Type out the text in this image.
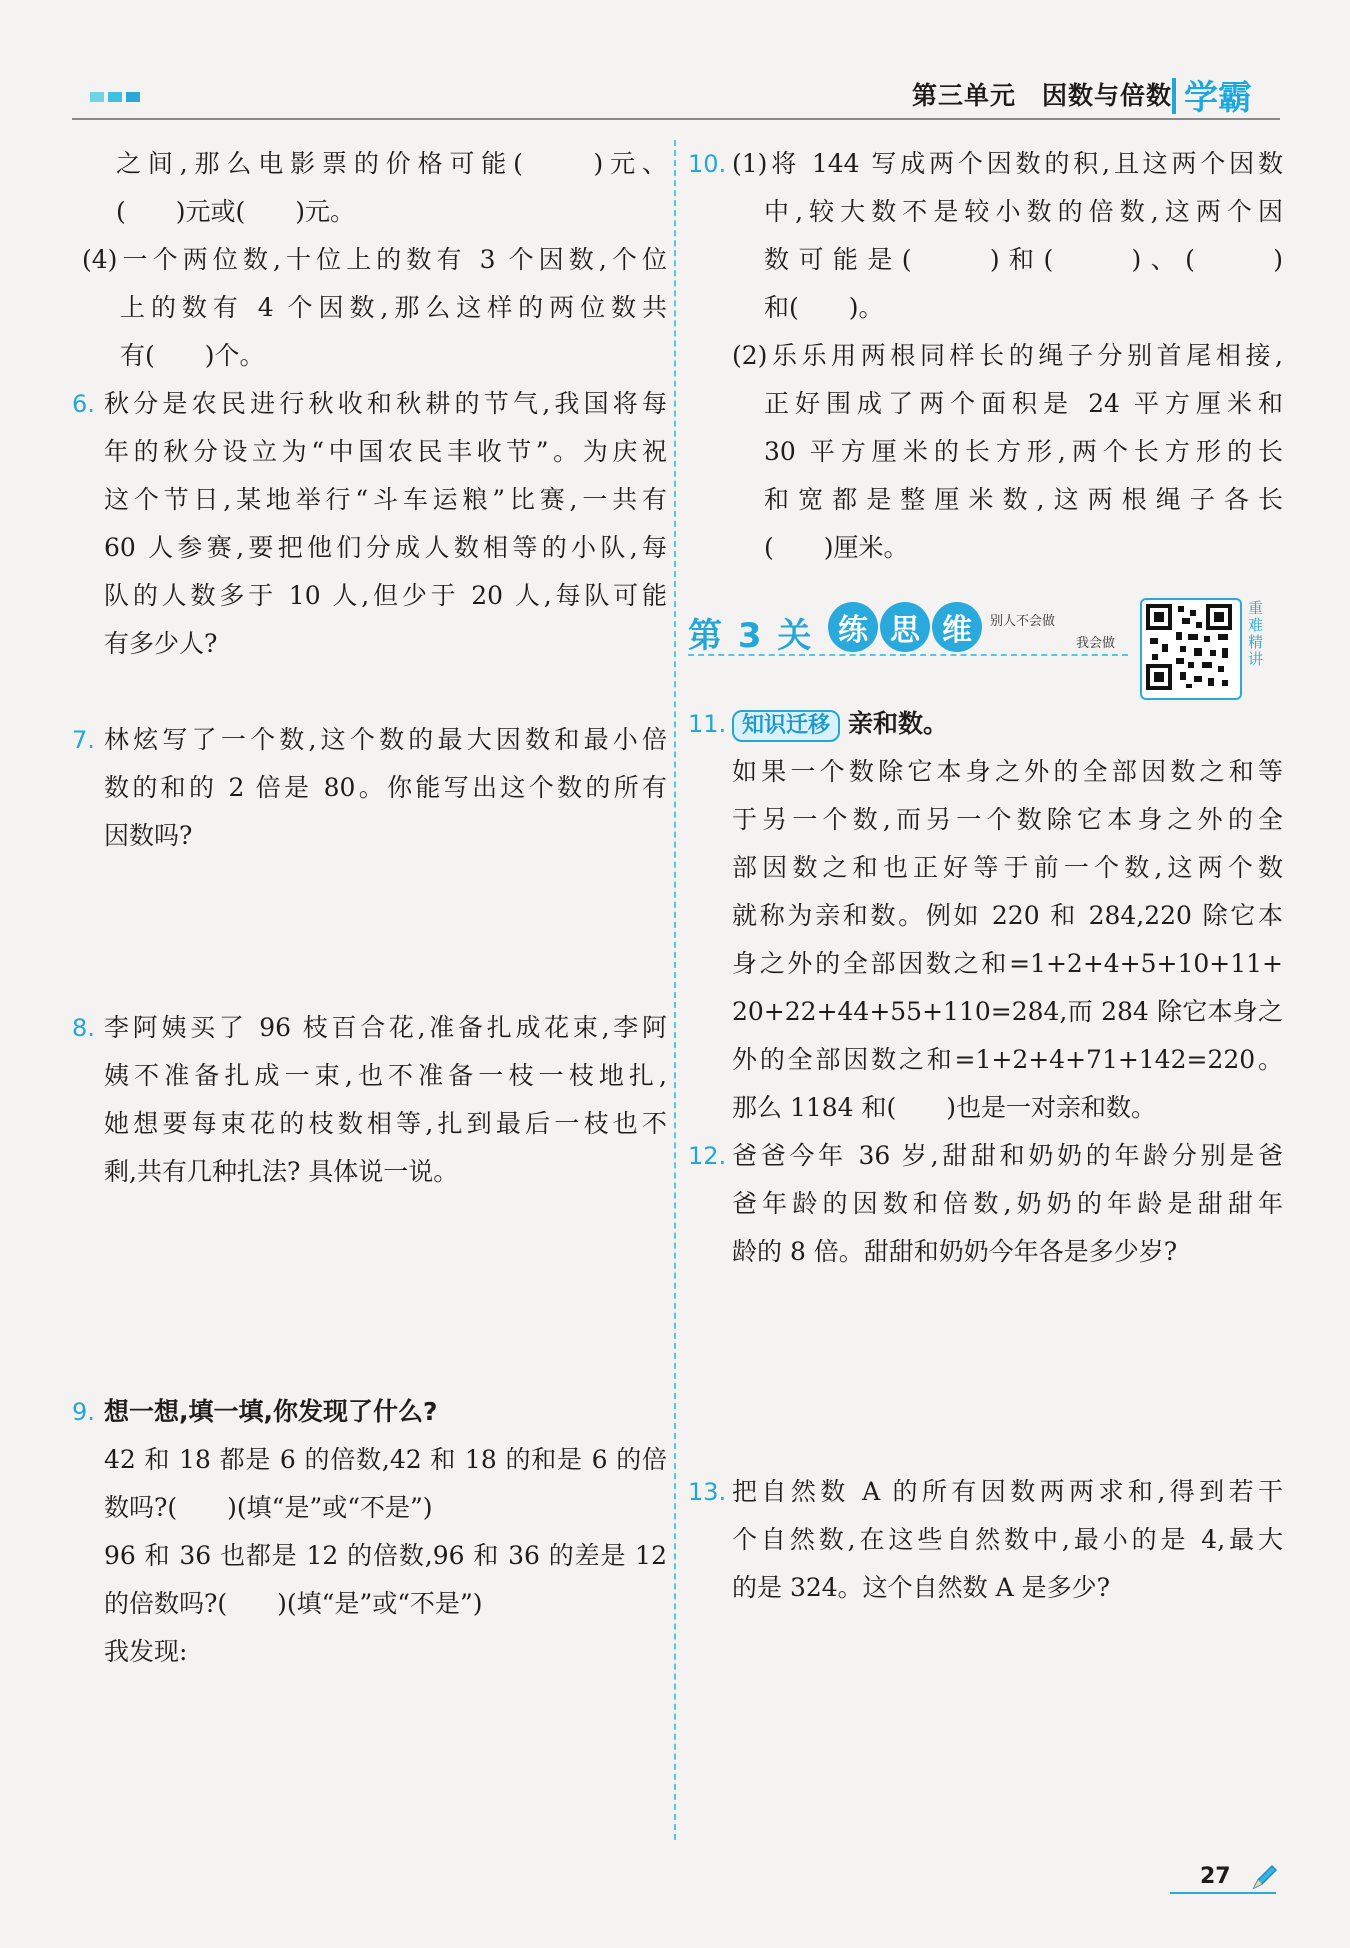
第三单元 因数与倍数 学霸
之间,那么电影票的价格可能(　　)元、
(　　)元或(　　)元。
(4)一个两位数,十位上的数有 3 个因数,个位
上的数有 4 个因数,那么这样的两位数共
有(　　)个。
6. 秋分是农民进行秋收和秋耕的节气,我国将每
年的秋分设立为“中国农民丰收节”。为庆祝
这个节日,某地举行“斗车运粮”比赛,一共有
60 人参赛,要把他们分成人数相等的小队,每
队的人数多于 10 人,但少于 20 人,每队可能
有多少人?
7. 林炫写了一个数,这个数的最大因数和最小倍
数的和的 2 倍是 80。你能写出这个数的所有
因数吗?
8. 李阿姨买了 96 枝百合花,准备扎成花束,李阿
姨不准备扎成一束,也不准备一枝一枝地扎,
她想要每束花的枝数相等,扎到最后一枝也不
剩,共有几种扎法? 具体说一说。
9. 想一想,填一填,你发现了什么?
42 和 18 都是 6 的倍数,42 和 18 的和是 6 的倍
数吗?(　　)(填“是”或“不是”)
96 和 36 也都是 12 的倍数,96 和 36 的差是 12
的倍数吗?(　　)(填“是”或“不是”)
我发现:
10. (1)将 144 写成两个因数的积,且这两个因数
中,较大数不是较小数的倍数,这两个因
数可能是(　　)和(　　)、(　　)
和(　　)。
(2)乐乐用两根同样长的绳子分别首尾相接,
正好围成了两个面积是 24 平方厘米和
30 平方厘米的长方形,两个长方形的长
和宽都是整厘米数,这两根绳子各长
(　　)厘米。
第 3 关 练 思 维	别人不会做
我会做
重难精讲
11. 知识迁移 亲和数。
如果一个数除它本身之外的全部因数之和等
于另一个数,而另一个数除它本身之外的全
部因数之和也正好等于前一个数,这两个数
就称为亲和数。例如 220 和 284,220 除它本
身之外的全部因数之和=1+2+4+5+10+11+
20+22+44+55+110=284,而 284 除它本身之
外的全部因数之和=1+2+4+71+142=220。
那么 1184 和(　　)也是一对亲和数。
12. 爸爸今年 36 岁,甜甜和奶奶的年龄分别是爸
爸年龄的因数和倍数,奶奶的年龄是甜甜年
龄的 8 倍。甜甜和奶奶今年各是多少岁?
13. 把自然数 A 的所有因数两两求和,得到若干
个自然数,在这些自然数中,最小的是 4,最大
的是 324。这个自然数 A 是多少?
27
